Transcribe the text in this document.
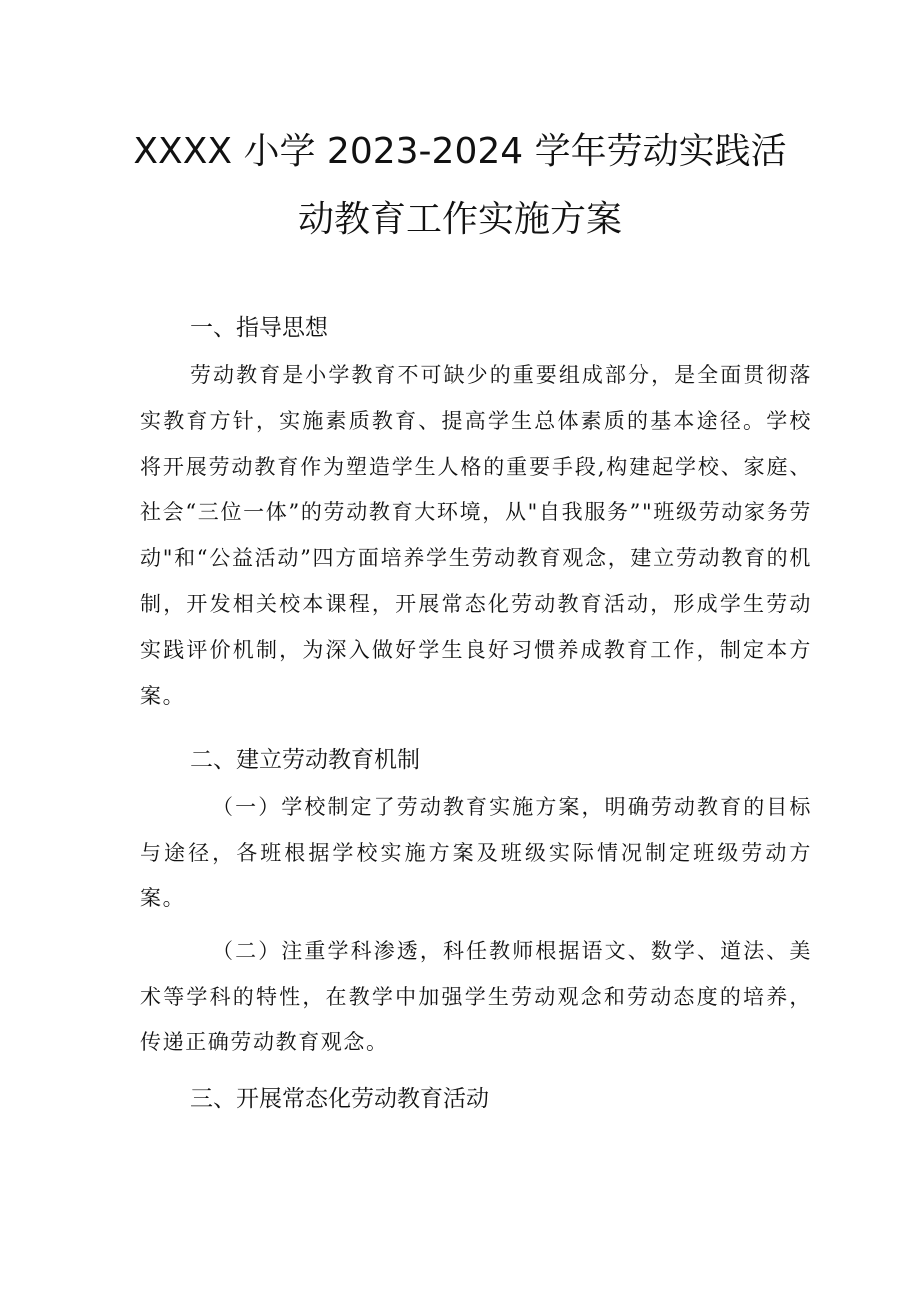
XXXX 小学 2023-2024 学年劳动实践活
动教育工作实施方案
一、指导思想

劳动教育是小学教育不可缺少的重要组成部分，是全面贯彻落实教育方针，实施素质教育、提高学生总体素质的基本途径。学校将开展劳动教育作为塑造学生人格的重要手段,构建起学校、家庭、社会“三位一体”的劳动教育大环境，从"自我服务”"班级劳动家务劳动"和“公益活动”四方面培养学生劳动教育观念，建立劳动教育的机制，开发相关校本课程，开展常态化劳动教育活动，形成学生劳动实践评价机制，为深入做好学生良好习惯养成教育工作，制定本方案。

二、建立劳动教育机制

（一）学校制定了劳动教育实施方案，明确劳动教育的目标与途径，各班根据学校实施方案及班级实际情况制定班级劳动方案。

（二）注重学科渗透，科任教师根据语文、数学、道法、美术等学科的特性，在教学中加强学生劳动观念和劳动态度的培养，传递正确劳动教育观念。

三、开展常态化劳动教育活动
